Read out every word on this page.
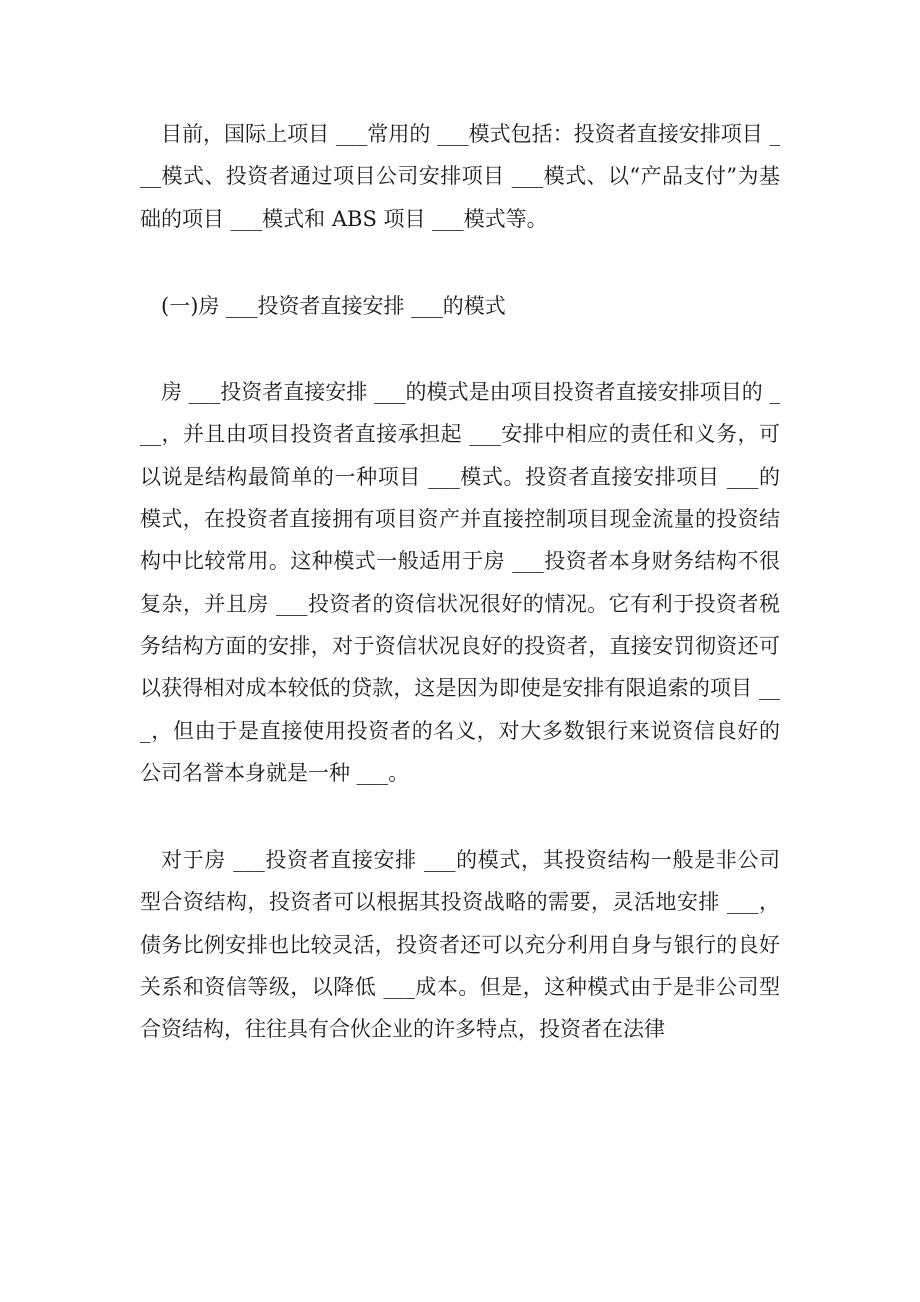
目前，国际上项目 ___常用的 ___模式包括：投资者直接安排项目 ___模式、投资者通过项目公司安排项目 ___模式、以“产品支付”为基础的项目 ___模式和 ABS 项目 ___模式等。

(一)房 ___投资者直接安排 ___的模式

房 ___投资者直接安排 ___的模式是由项目投资者直接安排项目的 ___，并且由项目投资者直接承担起 ___安排中相应的责任和义务，可以说是结构最简单的一种项目 ___模式。投资者直接安排项目 ___的模式，在投资者直接拥有项目资产并直接控制项目现金流量的投资结构中比较常用。这种模式一般适用于房 ___投资者本身财务结构不很复杂，并且房 ___投资者的资信状况很好的情况。它有利于投资者税务结构方面的安排，对于资信状况良好的投资者，直接安罚彻资还可以获得相对成本较低的贷款，这是因为即使是安排有限追索的项目 ___，但由于是直接使用投资者的名义，对大多数银行来说资信良好的公司名誉本身就是一种 ___。

对于房 ___投资者直接安排 ___的模式，其投资结构一般是非公司型合资结构，投资者可以根据其投资战略的需要，灵活地安排 ___，债务比例安排也比较灵活，投资者还可以充分利用自身与银行的良好关系和资信等级，以降低 ___成本。但是，这种模式由于是非公司型合资结构，往往具有合伙企业的许多特点，投资者在法律
